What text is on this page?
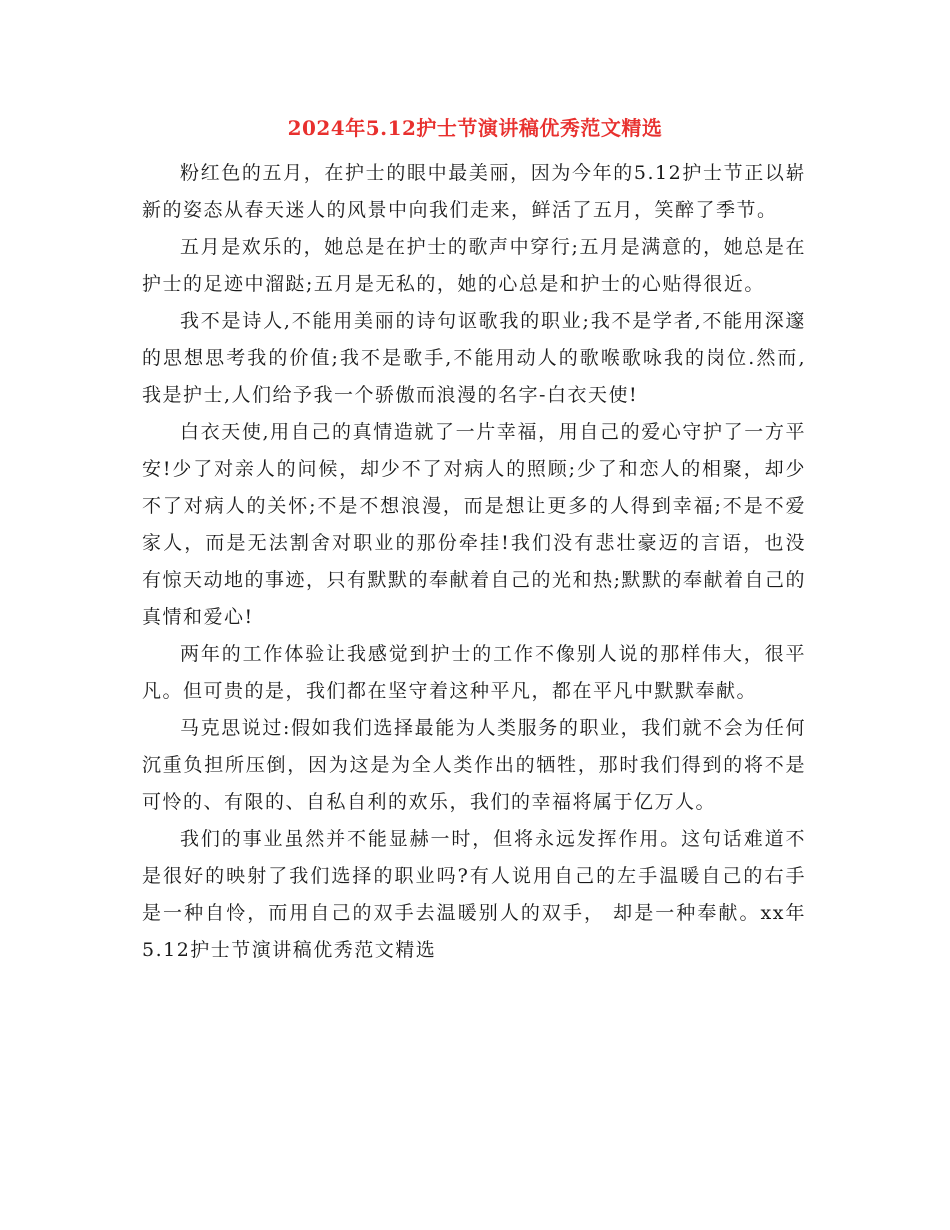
2024年5.12护士节演讲稿优秀范文精选

粉红色的五月，在护士的眼中最美丽，因为今年的5.12护士节正以崭新的姿态从春天迷人的风景中向我们走来，鲜活了五月，笑醉了季节。

五月是欢乐的，她总是在护士的歌声中穿行;五月是满意的，她总是在护士的足迹中溜跶;五月是无私的，她的心总是和护士的心贴得很近。

我不是诗人,不能用美丽的诗句讴歌我的职业;我不是学者,不能用深邃的思想思考我的价值;我不是歌手,不能用动人的歌喉歌咏我的岗位.然而,我是护士,人们给予我一个骄傲而浪漫的名字-白衣天使!

白衣天使,用自己的真情造就了一片幸福，用自己的爱心守护了一方平安!少了对亲人的问候，却少不了对病人的照顾;少了和恋人的相聚，却少不了对病人的关怀;不是不想浪漫，而是想让更多的人得到幸福;不是不爱家人，而是无法割舍对职业的那份牵挂!我们没有悲壮豪迈的言语，也没有惊天动地的事迹，只有默默的奉献着自己的光和热;默默的奉献着自己的真情和爱心!

两年的工作体验让我感觉到护士的工作不像别人说的那样伟大，很平凡。但可贵的是，我们都在坚守着这种平凡，都在平凡中默默奉献。

马克思说过:假如我们选择最能为人类服务的职业，我们就不会为任何沉重负担所压倒，因为这是为全人类作出的牺牲，那时我们得到的将不是可怜的、有限的、自私自利的欢乐，我们的幸福将属于亿万人。

我们的事业虽然并不能显赫一时，但将永远发挥作用。这句话难道不是很好的映射了我们选择的职业吗?有人说用自己的左手温暖自己的右手是一种自怜，而用自己的双手去温暖别人的双手， 却是一种奉献。xx年5.12护士节演讲稿优秀范文精选
